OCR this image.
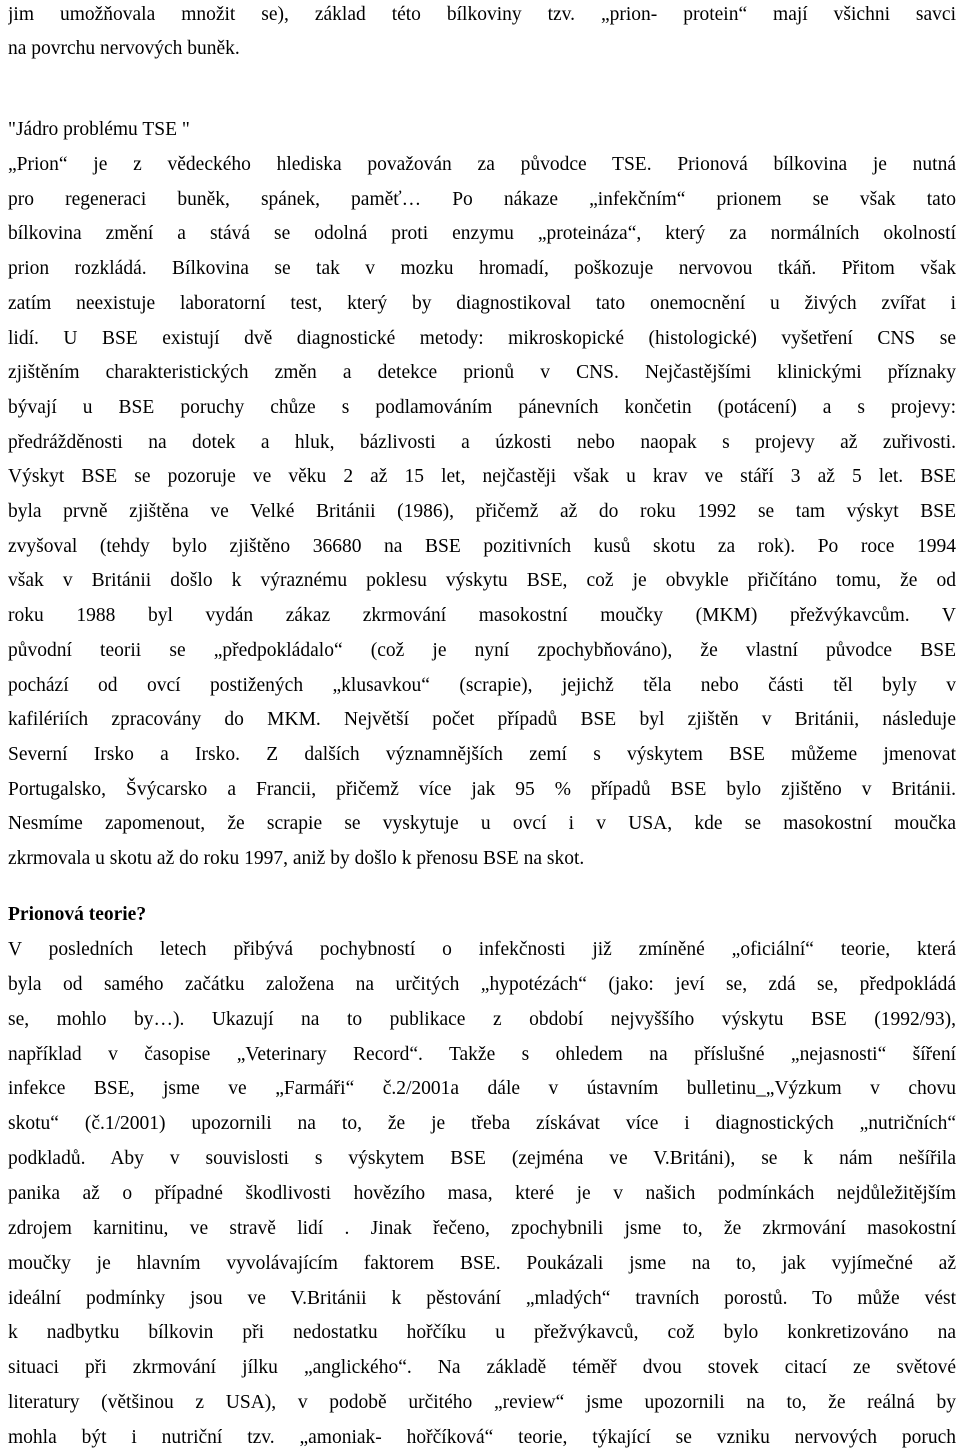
jim umožňovala množit se), základ této bílkoviny tzv. „prion- protein“ mají všichni savci
na povrchu nervových buněk.
"Jádro problému TSE "
„Prion“ je z vědeckého hlediska považován za původce TSE. Prionová bílkovina je nutná
pro regeneraci buněk, spánek, paměť… Po nákaze „infekčním“ prionem se však tato
bílkovina změní a stává se odolná proti enzymu „proteináza“, který za normálních okolností
prion rozkládá. Bílkovina se tak v mozku hromadí, poškozuje nervovou tkáň. Přitom však
zatím neexistuje laboratorní test, který by diagnostikoval tato onemocnění u živých zvířat i
lidí. U BSE existují dvě diagnostické metody: mikroskopické (histologické) vyšetření CNS se
zjištěním charakteristických změn a detekce prionů v CNS. Nejčastějšími klinickými příznaky
bývají u BSE poruchy chůze s podlamováním pánevních končetin (potácení) a s projevy:
předrážděnosti na dotek a hluk, bázlivosti a úzkosti nebo naopak s projevy až zuřivosti.
Výskyt BSE se pozoruje ve věku 2 až 15 let, nejčastěji však u krav ve stáří 3 až 5 let. BSE
byla prvně zjištěna ve Velké Británii (1986), přičemž až do roku 1992 se tam výskyt BSE
zvyšoval (tehdy bylo zjištěno 36680 na BSE pozitivních kusů skotu za rok). Po roce 1994
však v Británii došlo k výraznému poklesu výskytu BSE, což je obvykle přičítáno tomu, že od
roku 1988 byl vydán zákaz zkrmování masokostní moučky (MKM) přežvýkavcům. V
původní teorii se „předpokládalo“ (což je nyní zpochybňováno), že vlastní původce BSE
pochází od ovcí postižených „klusavkou“ (scrapie), jejichž těla nebo části těl byly v
kafilériích zpracovány do MKM. Největší počet případů BSE byl zjištěn v Británii, následuje
Severní Irsko a Irsko. Z dalších významnějších zemí s výskytem BSE můžeme jmenovat
Portugalsko, Švýcarsko a Francii, přičemž více jak 95 % případů BSE bylo zjištěno v Británii.
Nesmíme zapomenout, že scrapie se vyskytuje u ovcí i v USA, kde se masokostní moučka
zkrmovala u skotu až do roku 1997, aniž by došlo k přenosu BSE na skot.
Prionová teorie?
V posledních letech přibývá pochybností o infekčnosti již zmíněné „oficiální“ teorie, která
byla od samého začátku založena na určitých „hypotézách“ (jako: jeví se, zdá se, předpokládá
se, mohlo by…). Ukazují na to publikace z období nejvyššího výskytu BSE (1992/93),
například v časopise „Veterinary Record“. Takže s ohledem na příslušné „nejasnosti“ šíření
infekce BSE, jsme ve „Farmáři“ č.2/2001a dále v ústavním bulletinu_„Výzkum v chovu
skotu“ (č.1/2001) upozornili na to, že je třeba získávat více i diagnostických „nutričních“
podkladů. Aby v souvislosti s výskytem BSE (zejména ve V.Británi), se k nám nešířila
panika až o případné škodlivosti hovězího masa, které je v našich podmínkách nejdůležitějším
zdrojem karnitinu, ve stravě lidí . Jinak řečeno, zpochybnili jsme to, že zkrmování masokostní
moučky je hlavním vyvolávajícím faktorem BSE. Poukázali jsme na to, jak vyjímečné až
ideální podmínky jsou ve V.Británii k pěstování „mladých“ travních porostů. To může vést
k nadbytku bílkovin při nedostatku hořčíku u přežvýkavců, což bylo konkretizováno na
situaci při zkrmování jílku „anglického“. Na základě téměř dvou stovek citací ze světové
literatury (většinou z USA), v podobě určitého „review“ jsme upozornili na to, že reálná by
mohla být i nutriční tzv. „amoniak- hořčíková“ teorie, týkající se vzniku nervových poruch
